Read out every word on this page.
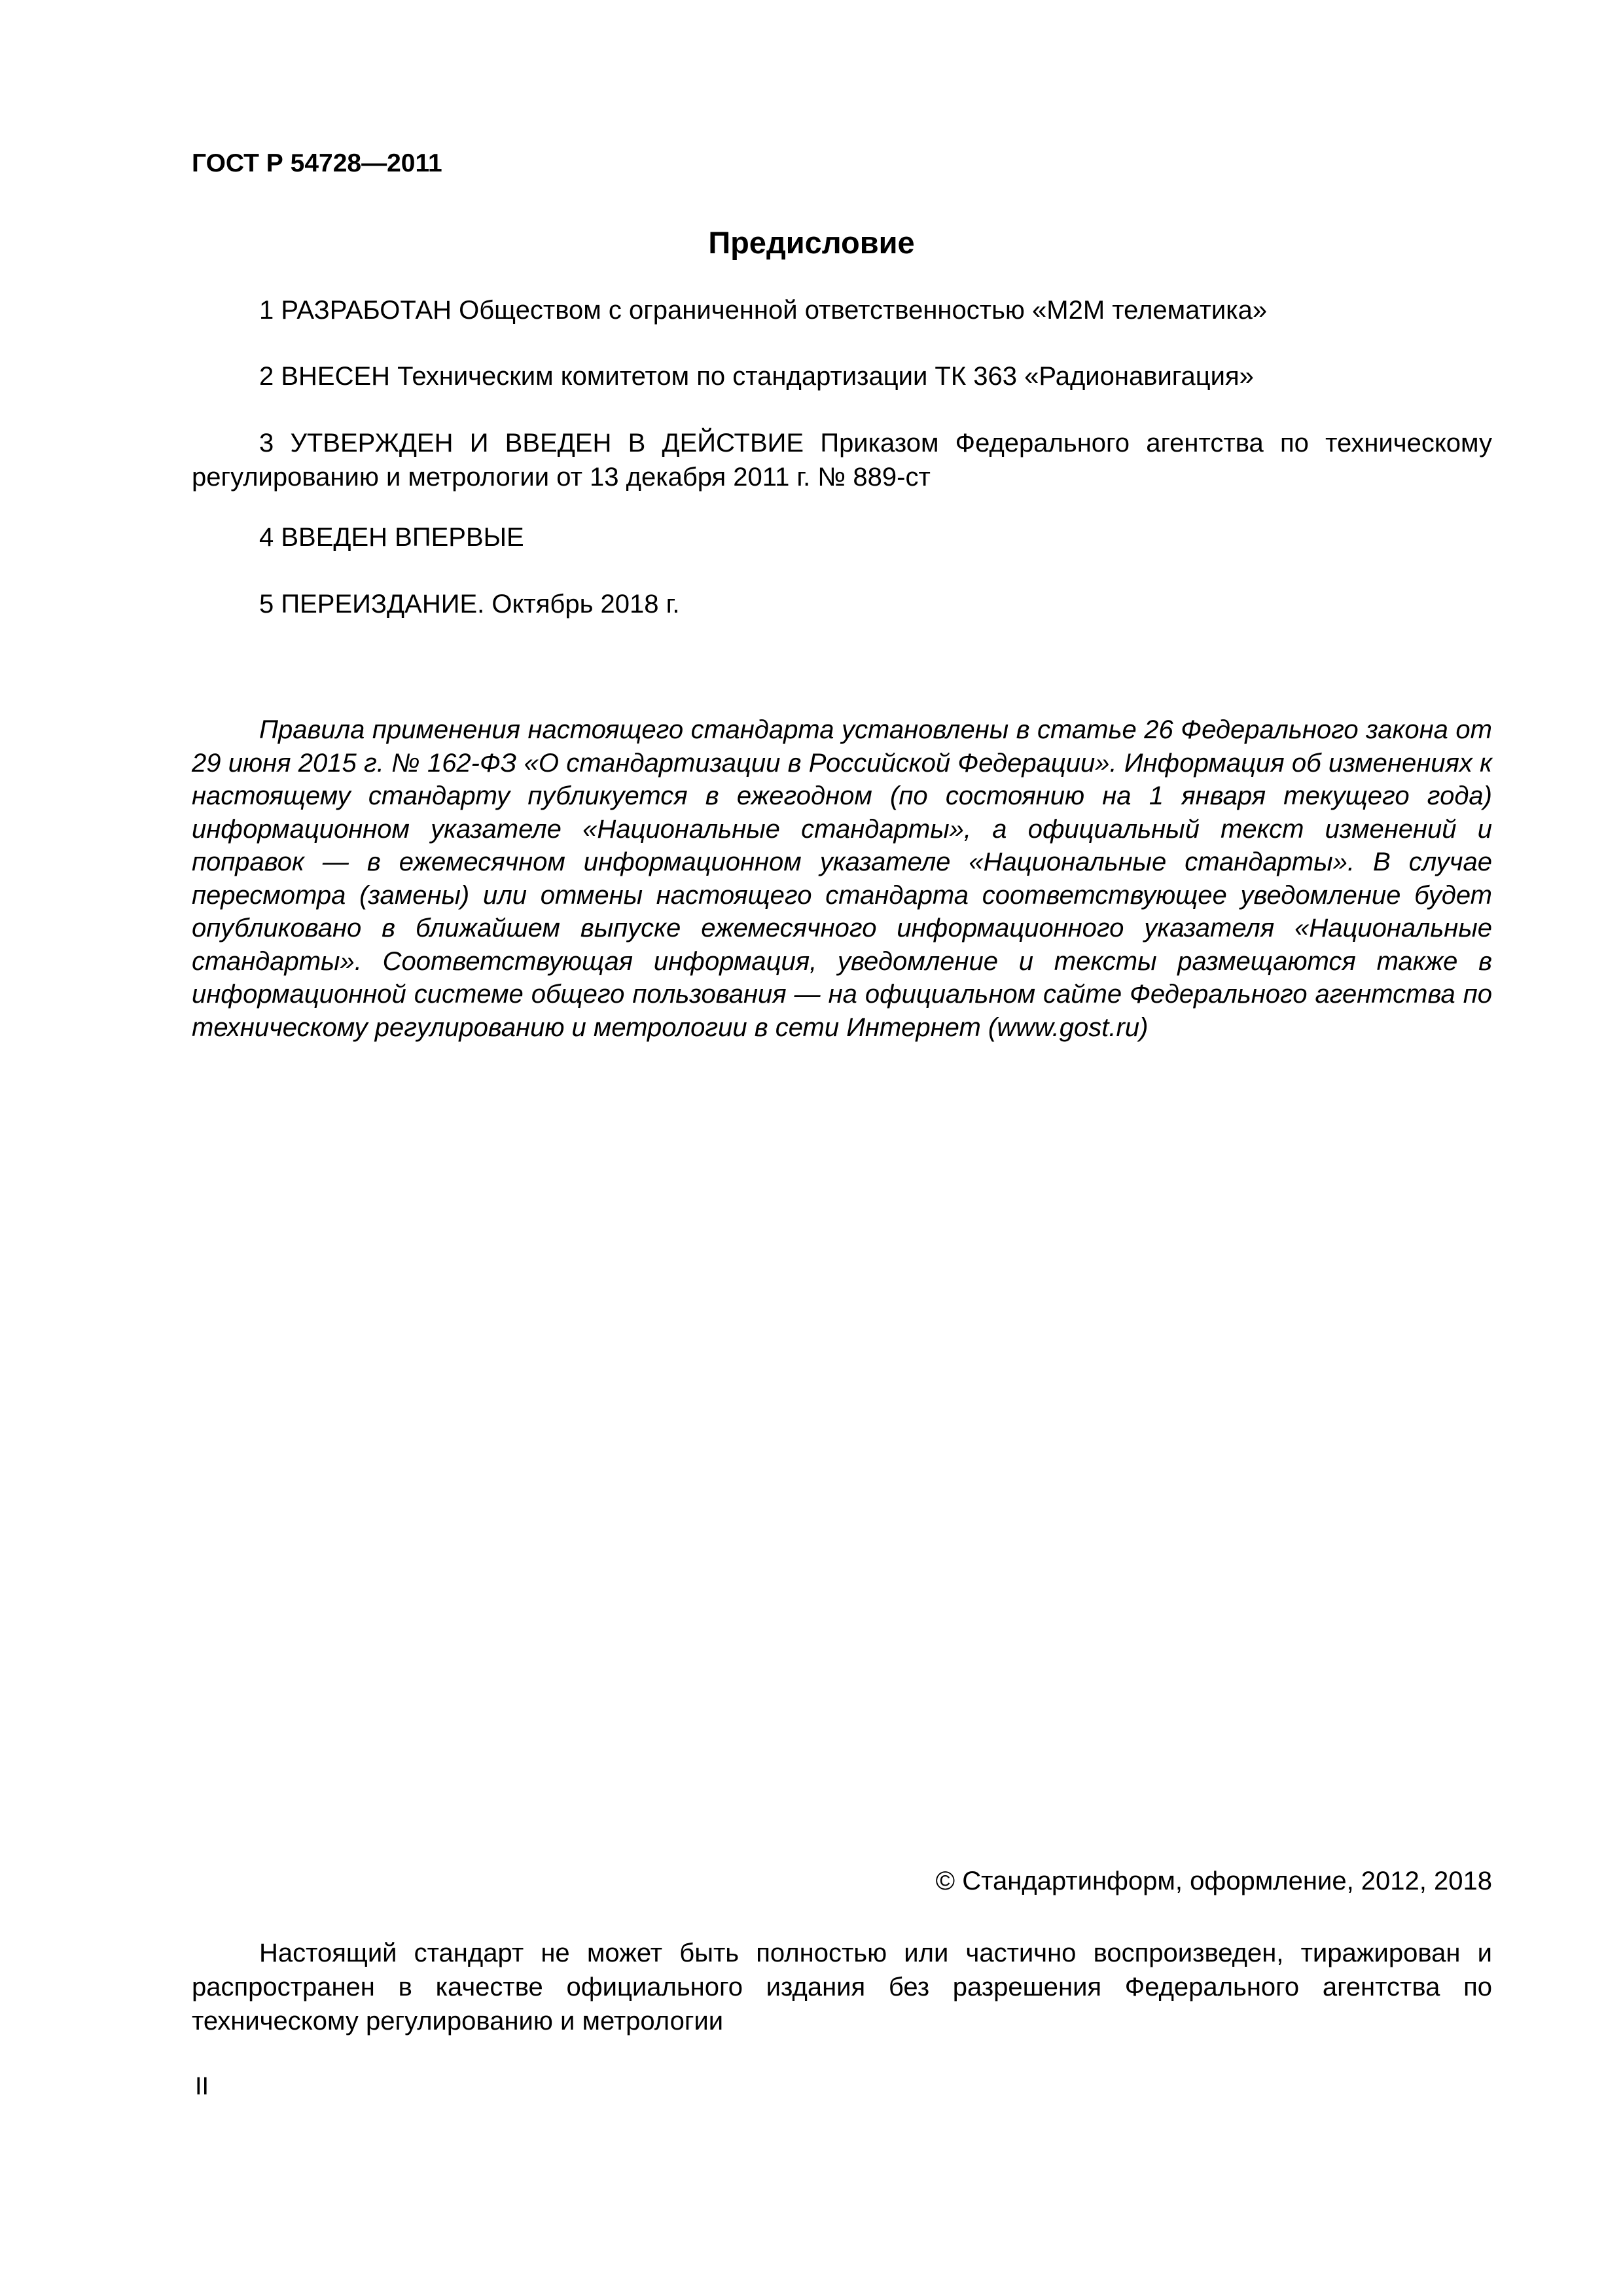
ГОСТ Р 54728—2011
Предисловие

1 РАЗРАБОТАН Обществом с ограниченной ответственностью «M2M телематика»

2 ВНЕСЕН Техническим комитетом по стандартизации ТК 363 «Радионавигация»

3 УТВЕРЖДЕН И ВВЕДЕН В ДЕЙСТВИЕ Приказом Федерального агентства по техническому регулированию и метрологии от 13 декабря 2011 г. № 889-ст

4 ВВЕДЕН ВПЕРВЫЕ

5 ПЕРЕИЗДАНИЕ. Октябрь 2018 г.

Правила применения настоящего стандарта установлены в статье 26 Федерального закона от 29 июня 2015 г. № 162-ФЗ «О стандартизации в Российской Федерации». Информация об изменениях к настоящему стандарту публикуется в ежегодном (по состоянию на 1 января текущего года) информационном указателе «Национальные стандарты», а официальный текст изменений и поправок — в ежемесячном информационном указателе «Национальные стандарты». В случае пересмотра (замены) или отмены настоящего стандарта соответствующее уведомление будет опубликовано в ближайшем выпуске ежемесячного информационного указателя «Национальные стандарты». Соответствующая информация, уведомление и тексты размещаются также в информационной системе общего пользования — на официальном сайте Федерального агентства по техническому регулированию и метрологии в сети Интернет (www.gost.ru)

© Стандартинформ, оформление, 2012, 2018

Настоящий стандарт не может быть полностью или частично воспроизведен, тиражирован и распространен в качестве официального издания без разрешения Федерального агентства по техническому регулированию и метрологии

II
